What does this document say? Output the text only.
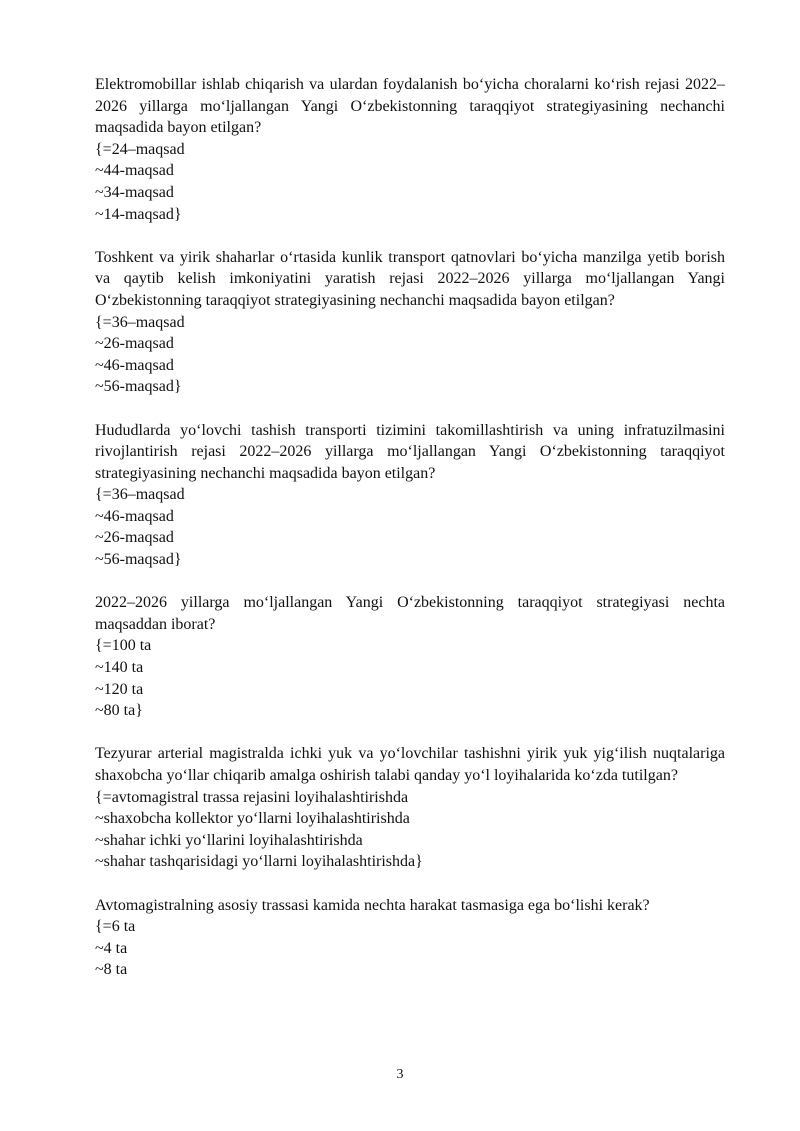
Elektromobillar ishlab chiqarish va ulardan foydalanish bo‘yicha choralarni ko‘rish rejasi 2022–2026 yillarga mo‘ljallangan Yangi O‘zbekistonning taraqqiyot strategiyasining nechanchi maqsadida bayon etilgan?

{=24–maqsad

~44-maqsad

~34-maqsad

~14-maqsad}

Toshkent va yirik shaharlar o‘rtasida kunlik transport qatnovlari bo‘yicha manzilga yetib borish va qaytib kelish imkoniyatini yaratish rejasi 2022–2026 yillarga mo‘ljallangan Yangi O‘zbekistonning taraqqiyot strategiyasining nechanchi maqsadida bayon etilgan?

{=36–maqsad

~26-maqsad

~46-maqsad

~56-maqsad}

Hududlarda yo‘lovchi tashish transporti tizimini takomillashtirish va uning infratuzilmasini rivojlantirish rejasi 2022–2026 yillarga mo‘ljallangan Yangi O‘zbekistonning taraqqiyot strategiyasining nechanchi maqsadida bayon etilgan?

{=36–maqsad

~46-maqsad

~26-maqsad

~56-maqsad}

2022–2026 yillarga mo‘ljallangan Yangi O‘zbekistonning taraqqiyot strategiyasi nechta maqsaddan iborat?

{=100 ta

~140 ta

~120 ta

~80 ta}

Tezyurar arterial magistralda ichki yuk va yo‘lovchilar tashishni yirik yuk yig‘ilish nuqtalariga shaxobcha yo‘llar chiqarib amalga oshirish talabi qanday yo‘l loyihalarida ko‘zda tutilgan?

{=avtomagistral trassa rejasini loyihalashtirishda

~shaxobcha kollektor yo‘llarni loyihalashtirishda

~shahar ichki yo‘llarini loyihalashtirishda

~shahar tashqarisidagi yo‘llarni loyihalashtirishda}

Avtomagistralning asosiy trassasi kamida nechta harakat tasmasiga ega bo‘lishi kerak?

{=6 ta

~4 ta

~8 ta

3
